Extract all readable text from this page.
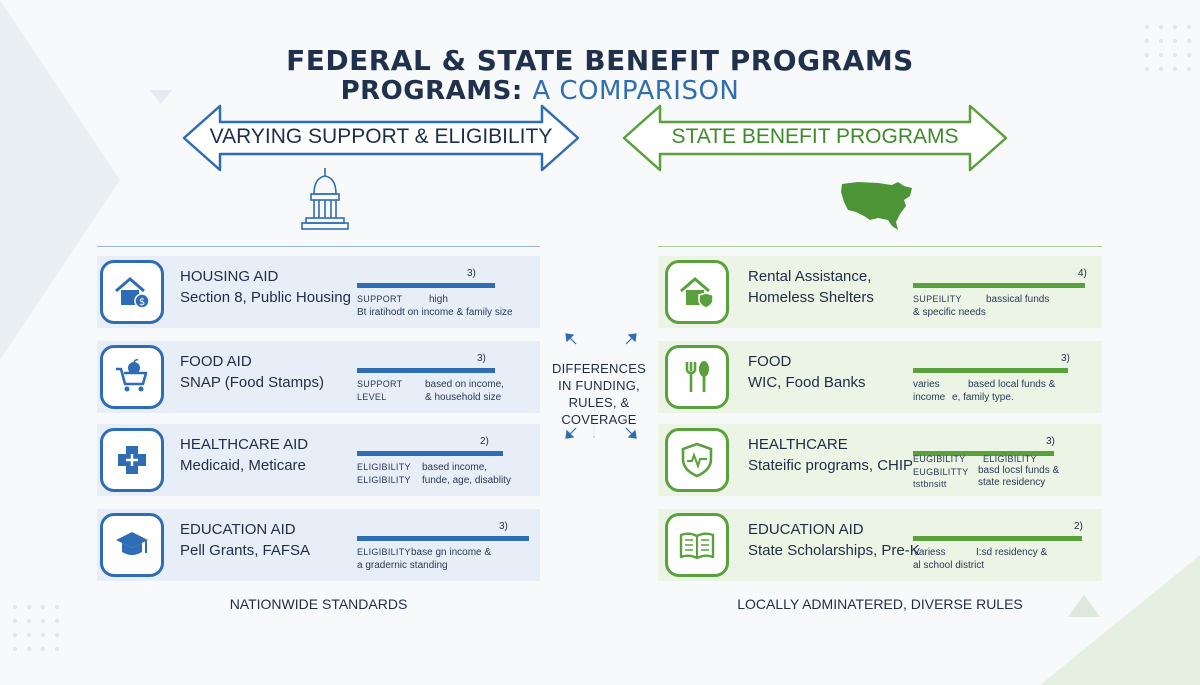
FEDERAL & STATE BENEFIT PROGRAMS
PROGRAMS: A COMPARISON
VARYING SUPPORT & ELIGIBILITY	STATE BENEFIT PROGRAMS
$
HOUSING AID
Section 8, Public Housing
3)
SUPPORT	high
Bt iratihodt on income & family size
FOOD AID
SNAP (Food Stamps)
3)
SUPPORT based on income,
LEVEL	& household size
HEALTHCARE AID
Medicaid, Meticare
2)
ELIGIBILITY based income,
ELIGIBILITY funde, age, disablity
EDUCATION AID
Pell Grants, FAFSA
3)
ELIGIBILITY base gn income &
a gradernic standing
Rental Assistance,
Homeless Shelters
4)
SUPEILITY bassical funds
& specific needs
FOOD
WIC, Food Banks
3)
varies	based local funds &
income e, family type.
HEALTHCARE
Stateific programs, CHIP
3)
EUGIBILITY ELIGIBILITY
EUGBILITTY basd locsl funds &
tstbnsitt	state residency
EDUCATION AID
State Scholarships, Pre-K
2)
Variess	I:sd residency &
al school district
DIFFERENCES
IN FUNDING,
RULES, & COVERAGE
NATIONWIDE STANDARDS	LOCALLY ADMINATERED, DIVERSE RULES
